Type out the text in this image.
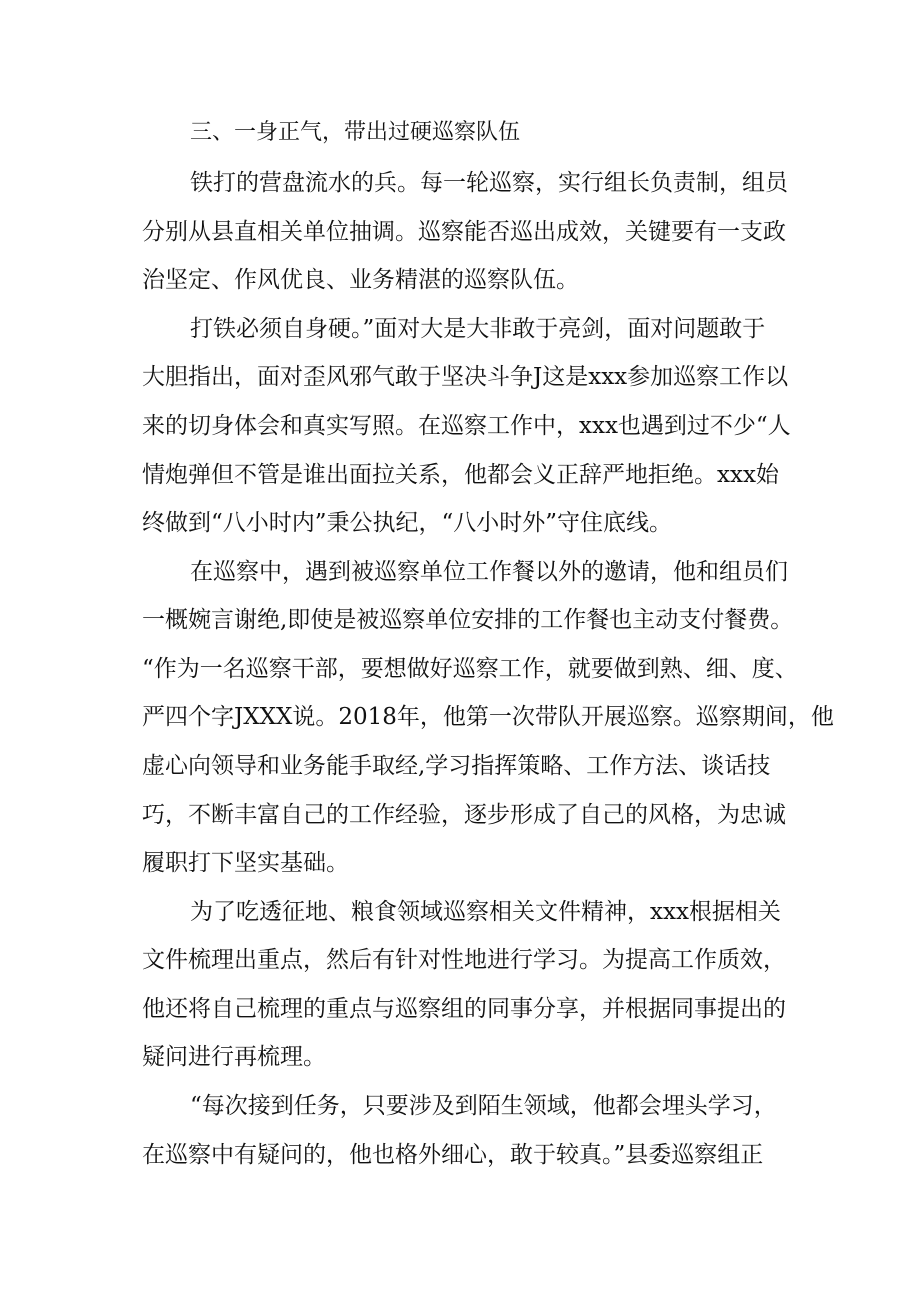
三、一身正气，带出过硬巡察队伍
铁打的营盘流水的兵。每一轮巡察，实行组长负责制，组员
分别从县直相关单位抽调。巡察能否巡出成效，关键要有一支政
治坚定、作风优良、业务精湛的巡察队伍。
打铁必须自身硬。”面对大是大非敢于亮剑，面对问题敢于
大胆指出，面对歪风邪气敢于坚决斗争J这是xxx参加巡察工作以
来的切身体会和真实写照。在巡察工作中，xxx也遇到过不少“人
情炮弹但不管是谁出面拉关系，他都会义正辞严地拒绝。xxx始
终做到“八小时内”秉公执纪，“八小时外”守住底线。
在巡察中，遇到被巡察单位工作餐以外的邀请，他和组员们
一概婉言谢绝,即使是被巡察单位安排的工作餐也主动支付餐费。
“作为一名巡察干部，要想做好巡察工作，就要做到熟、细、度、
严四个字JXXX说。2018年，他第一次带队开展巡察。巡察期间，他
虚心向领导和业务能手取经,学习指挥策略、工作方法、谈话技
巧，不断丰富自己的工作经验，逐步形成了自己的风格，为忠诚
履职打下坚实基础。
为了吃透征地、粮食领域巡察相关文件精神，xxx根据相关
文件梳理出重点，然后有针对性地进行学习。为提高工作质效，
他还将自己梳理的重点与巡察组的同事分享，并根据同事提出的
疑问进行再梳理。
“每次接到任务，只要涉及到陌生领域，他都会埋头学习，
在巡察中有疑问的，他也格外细心，敢于较真。”县委巡察组正
